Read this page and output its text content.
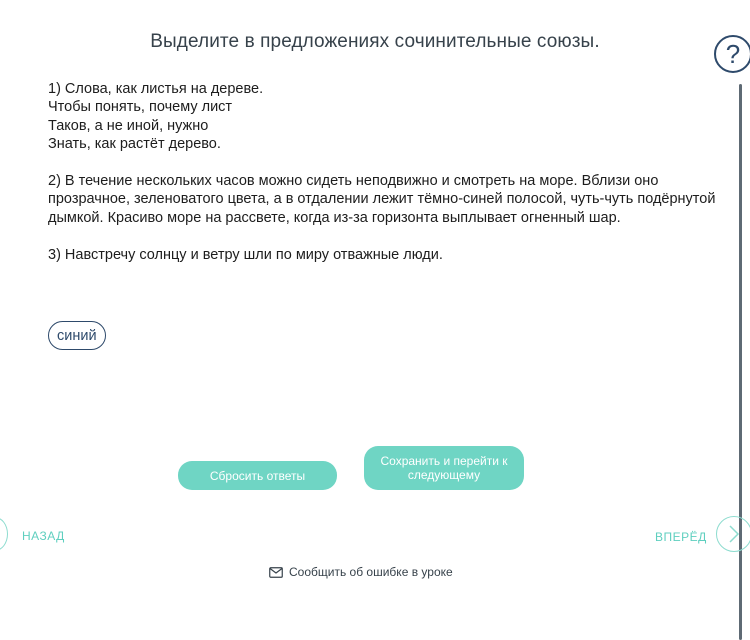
Выделите в предложениях сочинительные союзы.	?
1) Слова, как листья на дереве.
Чтобы понять, почему лист
Таков, а не иной, нужно
Знать, как растёт дерево.
2) В течение нескольких часов можно сидеть неподвижно и смотреть на море. Вблизи оно прозрачное, зеленоватого цвета, а в отдалении лежит тёмно-синей полосой, чуть-чуть подёрнутой дымкой. Красиво море на рассвете, когда из-за горизонта выплывает огненный шар.
3) Навстречу солнцу и ветру шли по миру отважные люди.
синий
Сбросить ответы
Сохранить и перейти к следующему
НАЗАД	ВПЕРЁД
Сообщить об ошибке в уроке
